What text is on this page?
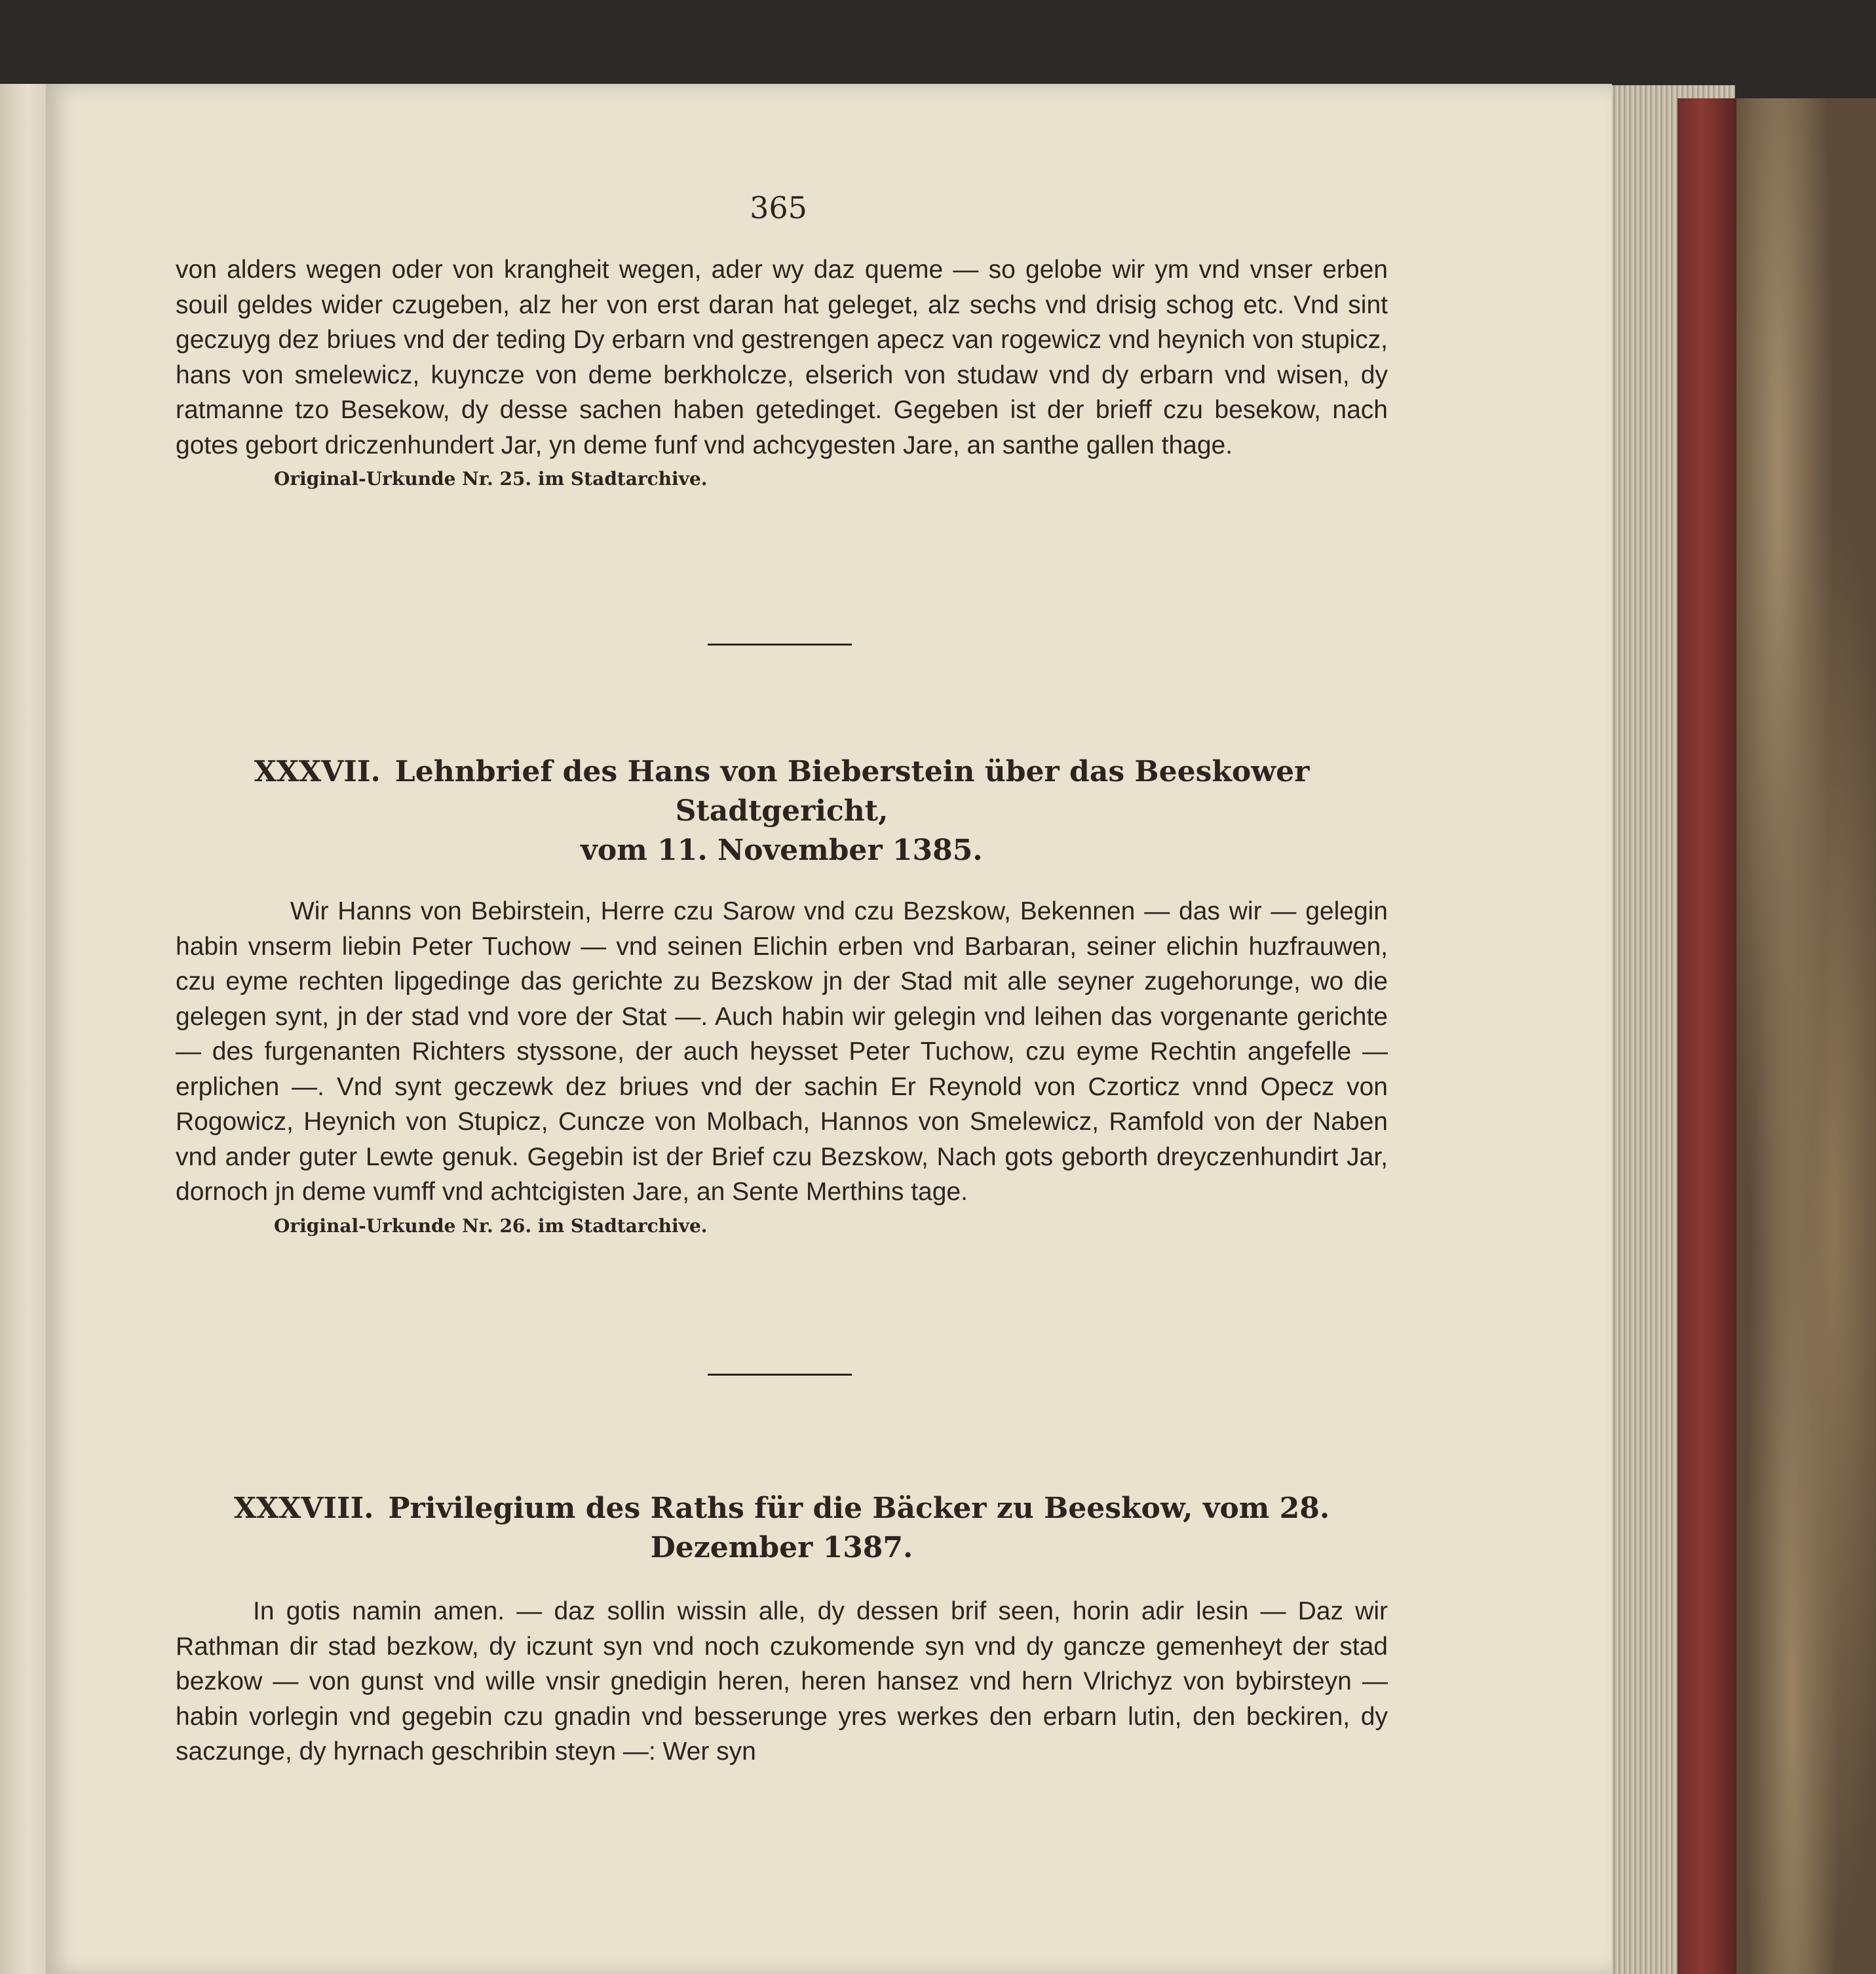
365

von alders wegen oder von krangheit wegen, ader wy daz queme — so gelobe wir ym vnd vnser erben souil geldes wider czugeben, alz her von erst daran hat geleget, alz sechs vnd drisig schog etc. Vnd sint geczuyg dez briues vnd der teding Dy erbarn vnd gestrengen apecz van rogewicz vnd heynich von stupicz, hans von smelewicz, kuyncze von deme berkholcze, elserich von studaw vnd dy erbarn vnd wisen, dy ratmanne tzo Besekow, dy desse sachen haben getedinget. Gegeben ist der brieff czu besekow, nach gotes gebort driczenhundert Jar, yn deme funf vnd achcygesten Jare, an santhe gallen thage.

Original-Urkunde Nr. 25. im Stadtarchive.

XXXVII. Lehnbrief des Hans von Bieberstein über das Beeskower Stadtgericht,

vom 11. November 1385.

Wir Hanns von Bebirstein, Herre czu Sarow vnd czu Bezskow, Bekennen — das wir — gelegin habin vnserm liebin Peter Tuchow — vnd seinen Elichin erben vnd Barbaran, seiner elichin huzfrauwen, czu eyme rechten lipgedinge das gerichte zu Bezskow jn der Stad mit alle seyner zugehorunge, wo die gelegen synt, jn der stad vnd vore der Stat —. Auch habin wir gelegin vnd leihen das vorgenante gerichte — des furgenanten Richters styssone, der auch heysset Peter Tuchow, czu eyme Rechtin angefelle — erplichen —. Vnd synt geczewk dez briues vnd der sachin Er Reynold von Czorticz vnnd Opecz von Rogowicz, Heynich von Stupicz, Cuncze von Molbach, Hannos von Smelewicz, Ramfold von der Naben vnd ander guter Lewte genuk. Gegebin ist der Brief czu Bezskow, Nach gots geborth dreyczenhundirt Jar, dornoch jn deme vumff vnd achtcigisten Jare, an Sente Merthins tage.

Original-Urkunde Nr. 26. im Stadtarchive.

XXXVIII. Privilegium des Raths für die Bäcker zu Beeskow, vom 28. Dezember 1387.

In gotis namin amen. — daz sollin wissin alle, dy dessen brif seen, horin adir lesin — Daz wir Rathman dir stad bezkow, dy iczunt syn vnd noch czukomende syn vnd dy gancze gemenheyt der stad bezkow — von gunst vnd wille vnsir gnedigin heren, heren hansez vnd hern Vlrichyz von bybirsteyn — habin vorlegin vnd gegebin czu gnadin vnd besserunge yres werkes den erbarn lutin, den beckiren, dy saczunge, dy hyrnach geschribin steyn —: Wer syn
